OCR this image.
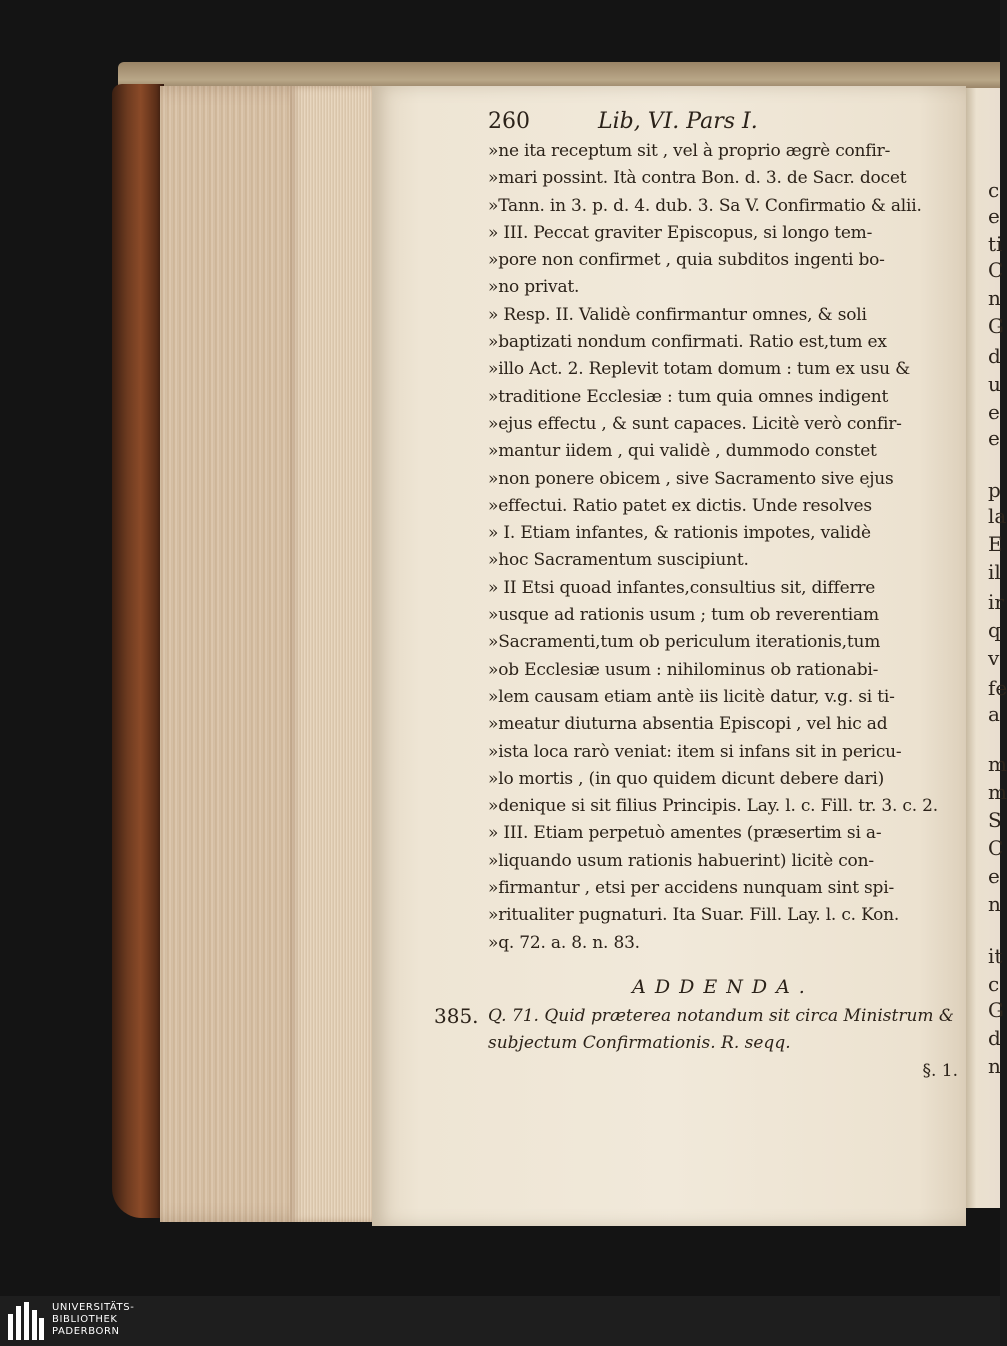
260	Lib, VI. Pars I.
»ne ita receptum sit , vel à proprio ægrè confir-
»mari possint. Ità contra Bon. d. 3. de Sacr. docet
»Tann. in 3. p. d. 4. dub. 3. Sa V. Confirmatio & alii.
» III. Peccat graviter Episcopus, si longo tem-
»pore non confirmet , quia subditos ingenti bo-
»no privat.
» Resp. II. Validè confirmantur omnes, & soli
»baptizati nondum confirmati. Ratio est,tum ex
»illo Act. 2. Replevit totam domum : tum ex usu &
»traditione Ecclesiæ : tum quia omnes indigent
»ejus effectu , & sunt capaces. Licitè verò confir-
»mantur iidem , qui validè , dummodo constet
»non ponere obicem , sive Sacramento sive ejus
»effectui. Ratio patet ex dictis. Unde resolves
» I. Etiam infantes, & rationis impotes, validè
»hoc Sacramentum suscipiunt.
» II Etsi quoad infantes,consultius sit, differre
»usque ad rationis usum ; tum ob reverentiam
»Sacramenti,tum ob periculum iterationis,tum
»ob Ecclesiæ usum : nihilominus ob rationabi-
»lem causam etiam antè iis licitè datur, v.g. si ti-
»meatur diuturna absentia Episcopi , vel hic ad
»ista loca rarò veniat: item si infans sit in pericu-
»lo mortis , (in quo quidem dicunt debere dari)
»denique si sit filius Principis. Lay. l. c. Fill. tr. 3. c. 2.
» III. Etiam perpetuò amentes (præsertim si a-
»liquando usum rationis habuerint) licitè con-
»firmantur , etsi per accidens nunquam sint spi-
»ritualiter pugnaturi. Ita Suar. Fill. Lay. l. c. Kon.
»q. 72. a. 8. n. 83.
ADDENDA.
385. Q. 71. Quid præterea notandum sit circa Ministrum & subjectum Confirmationis. R. seqq.
§. 1.
c
e
ti
C
n
G
d
u
e
e
p
la
E
il
ir
q
v
fe
a
m
m
S
C
e
n
it
c
G
d
n
UNIVERSITÄTS-
BIBLIOTHEK
PADERBORN
